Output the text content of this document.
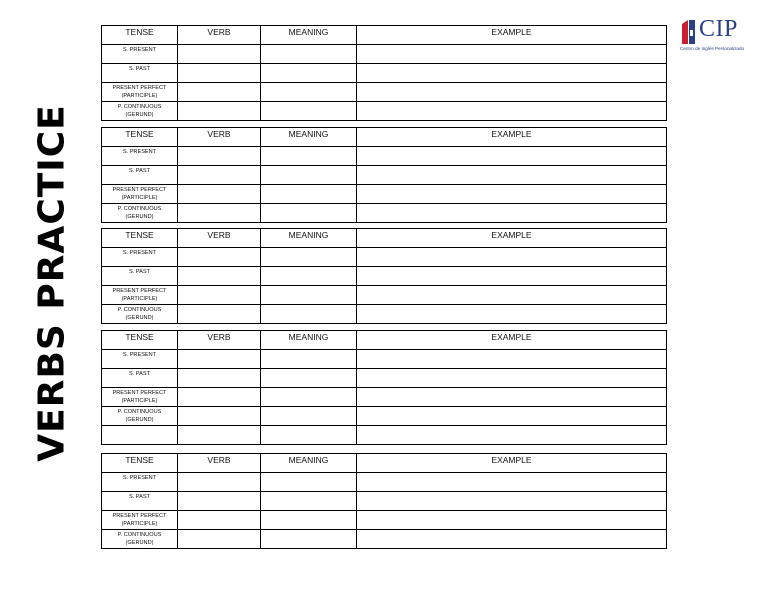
VERBS PRACTICE
CIP
Centro de Inglés Personalizado
TENSE	VERB	MEANING	EXAMPLE
S. PRESENT			
S. PAST			
PRESENT PERFECT
(PARTICIPLE)			
P. CONTINUOUS
(GERUND)			
TENSE	VERB	MEANING	EXAMPLE
S. PRESENT			
S. PAST			
PRESENT PERFECT
(PARTICIPLE)			
P. CONTINUOUS
(GERUND)			
TENSE	VERB	MEANING	EXAMPLE
S. PRESENT			
S. PAST			
PRESENT PERFECT
(PARTICIPLE)			
P. CONTINUOUS
(GERUND)			
TENSE	VERB	MEANING	EXAMPLE
S. PRESENT			
S. PAST			
PRESENT PERFECT
(PARTICIPLE)			
P. CONTINUOUS
(GERUND)			

TENSE	VERB	MEANING	EXAMPLE
S. PRESENT			
S. PAST			
PRESENT PERFECT
(PARTICIPLE)			
P. CONTINUOUS
(GERUND)			
